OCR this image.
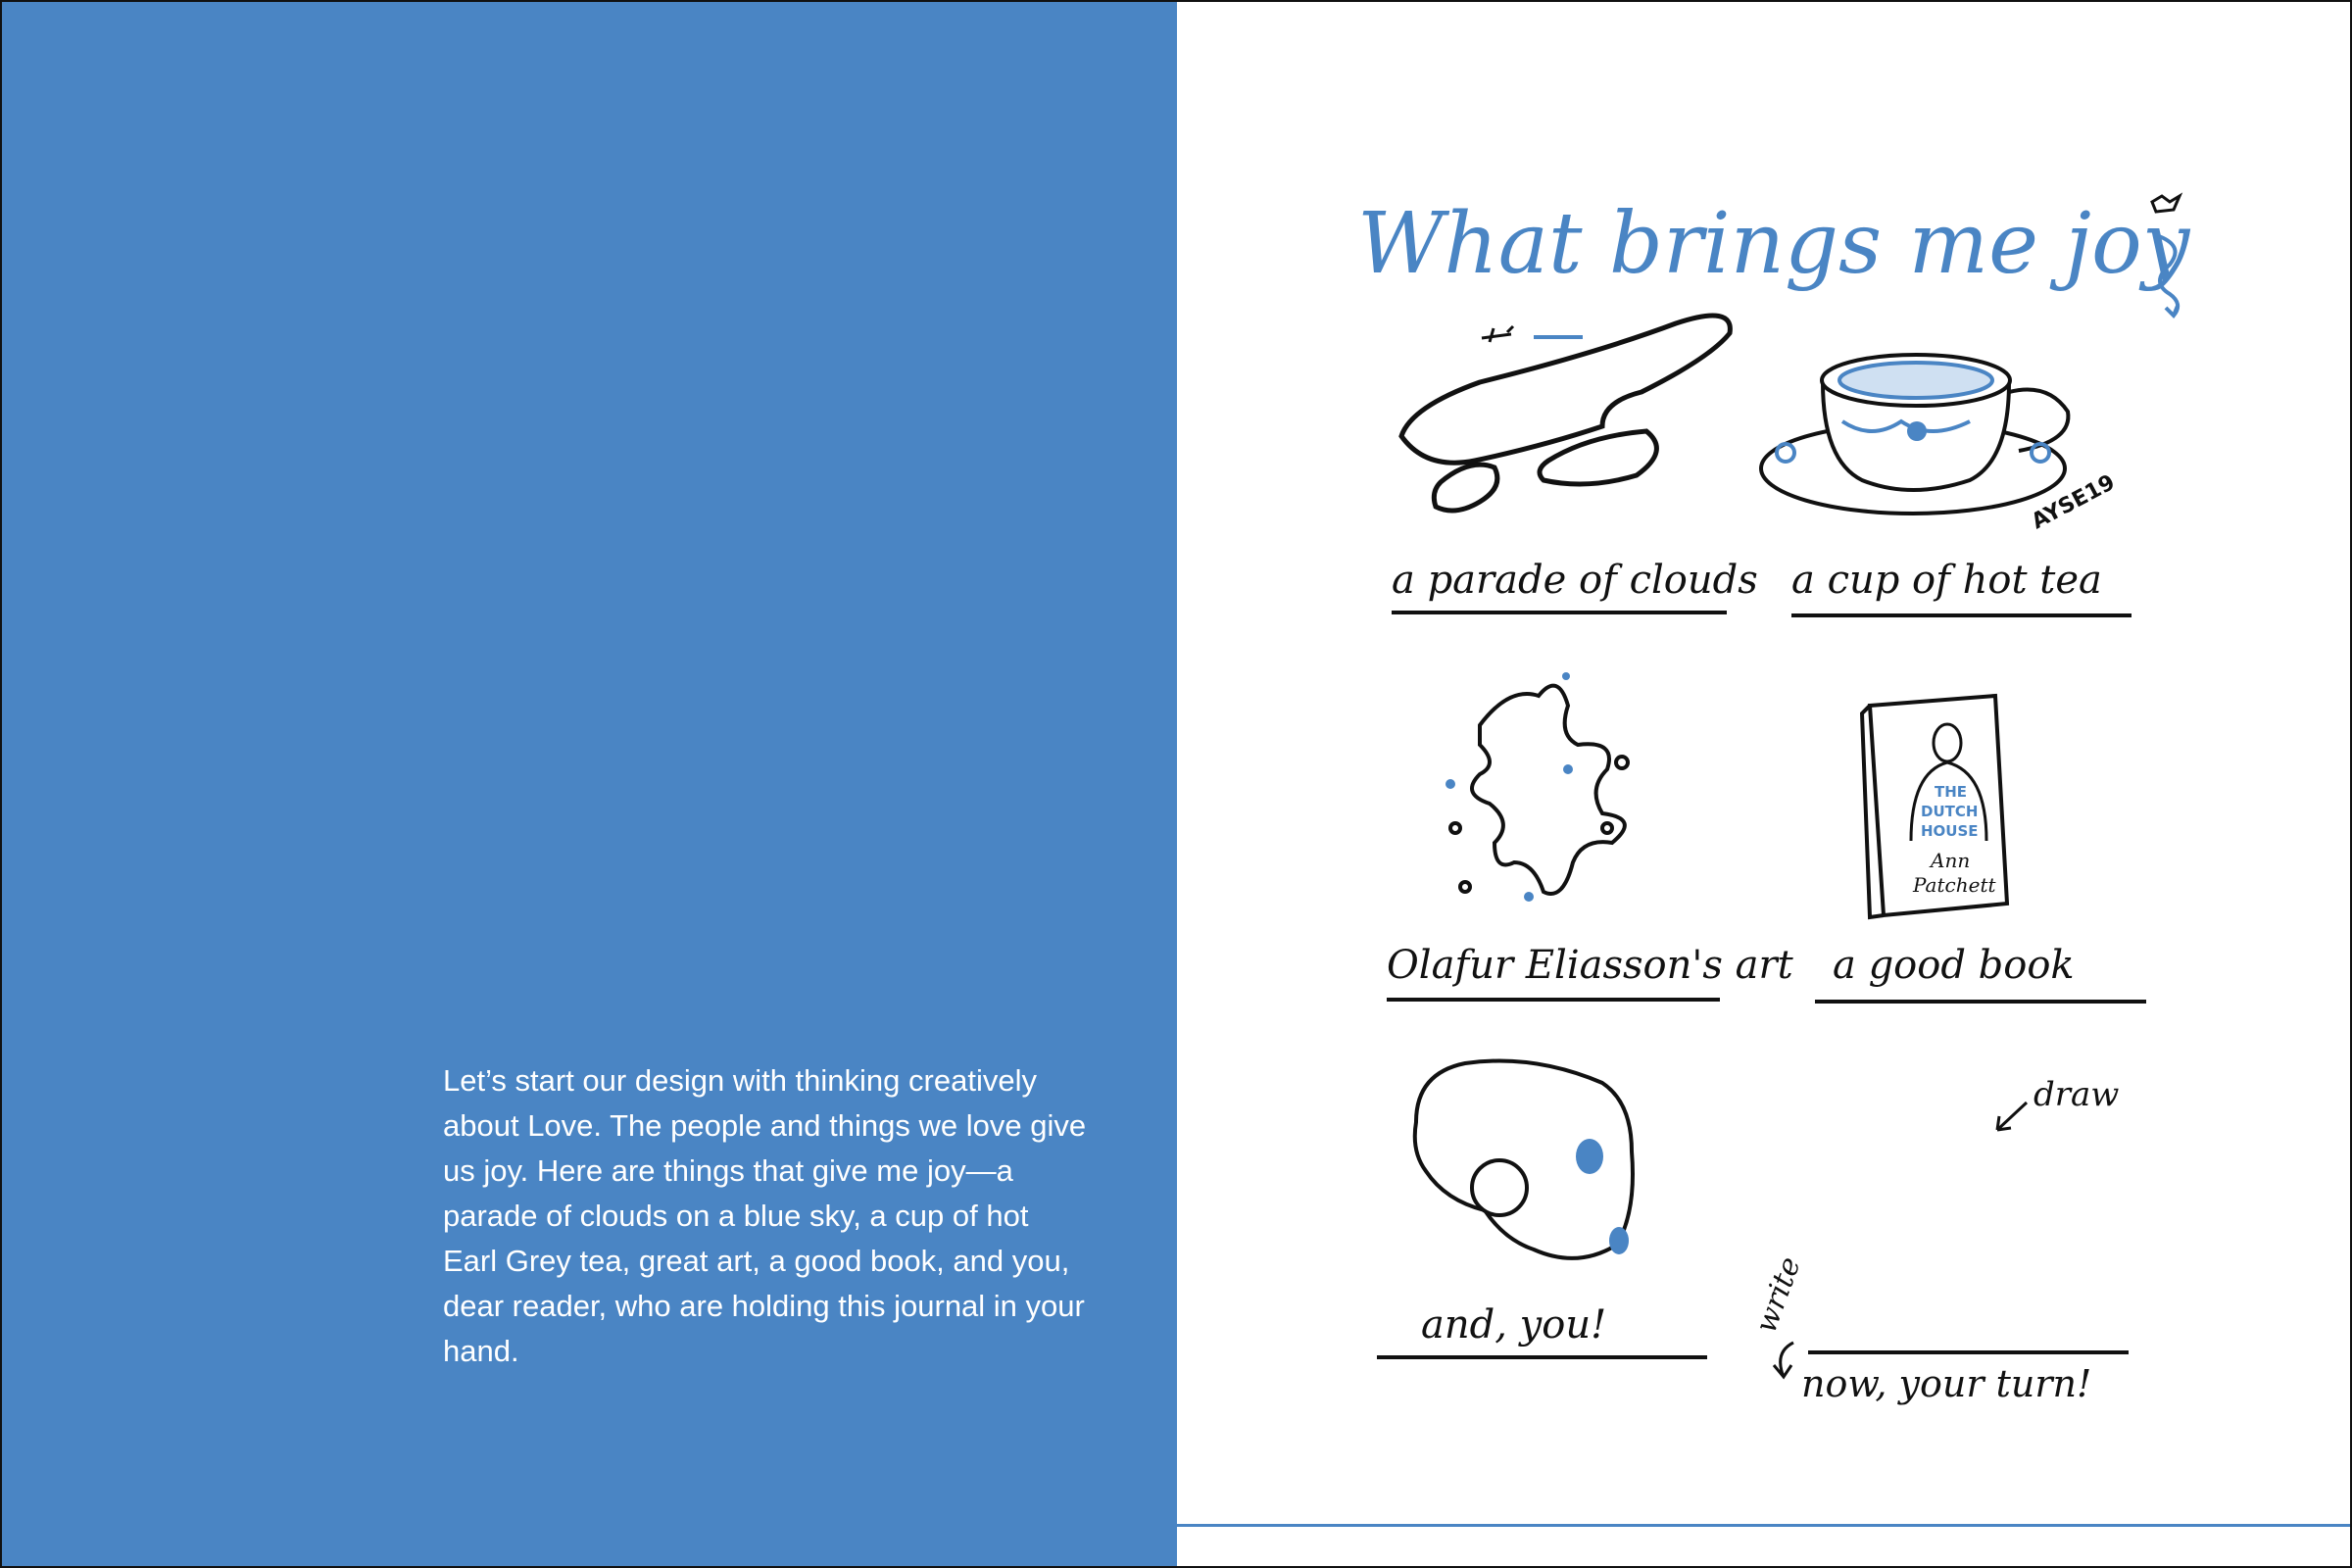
Let’s start our design with thinking creatively about Love. The people and things we love give us joy. Here are things that give me joy—a parade of clouds on a blue sky, a cup of hot Earl Grey tea, great art, a good book, and you, dear reader, who are holding this journal in your hand.

What brings me joy
AYSE19
a parade of clouds a cup of hot tea
THE
DUTCH
HOUSE
Ann
Patchett
Olafur Eliasson's art a good book
and, you!
draw
write
now, your turn!
